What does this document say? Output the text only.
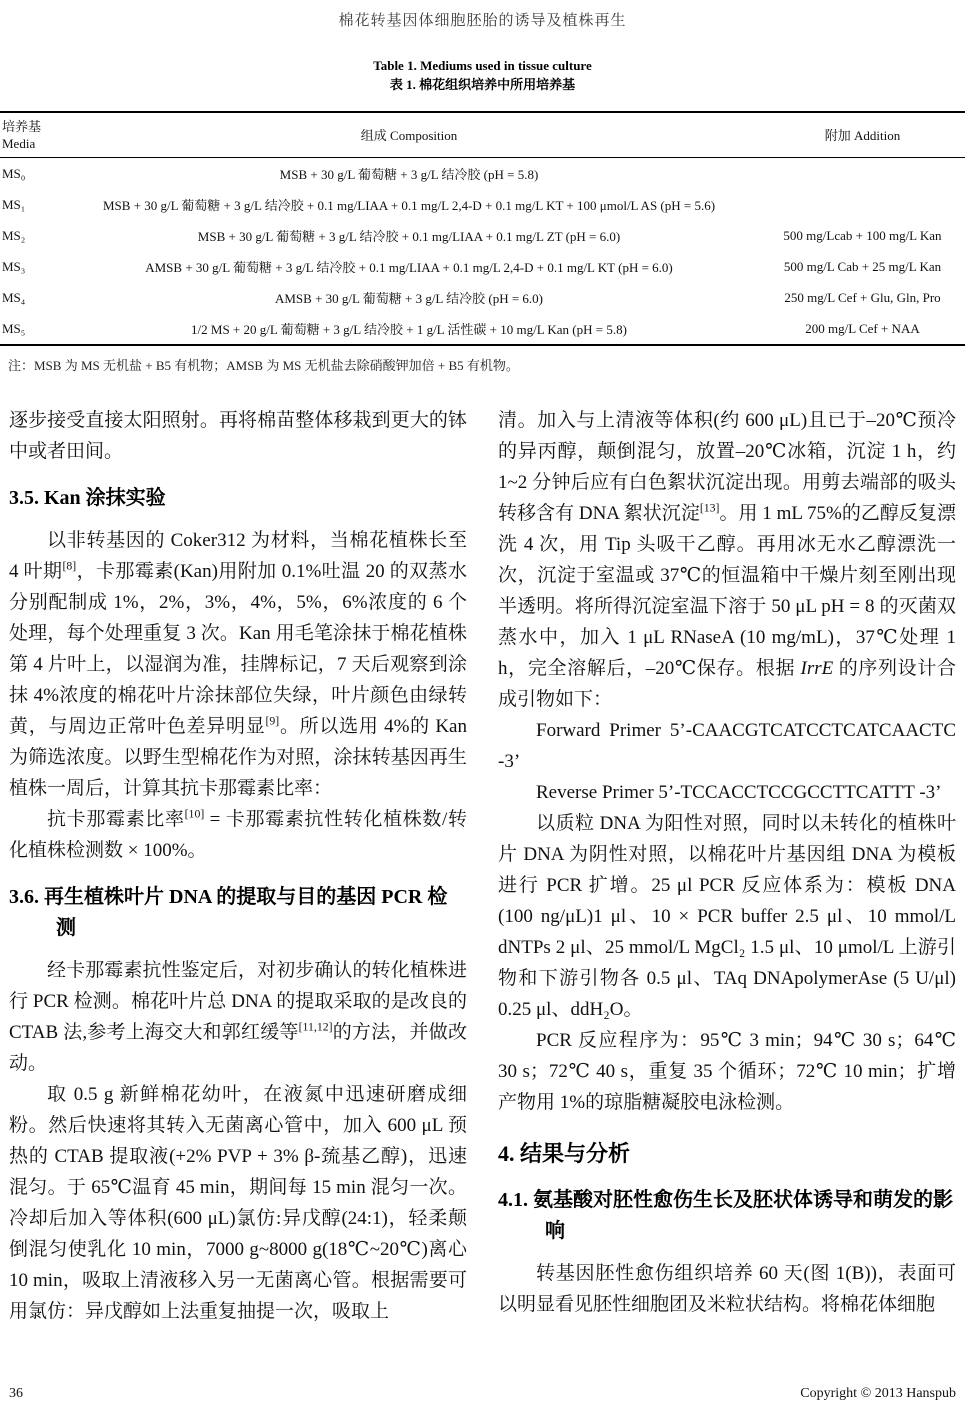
棉花转基因体细胞胚胎的诱导及植株再生
Table 1. Mediums used in tissue culture
表 1. 棉花组织培养中所用培养基
培养基
Media	组成 Composition	附加 Addition
MS₀	MSB + 30 g/L 葡萄糖 + 3 g/L 结冷胶 (pH = 5.8)	
MS₁	MSB + 30 g/L 葡萄糖 + 3 g/L 结冷胶 + 0.1 mg/LIAA + 0.1 mg/L 2,4-D + 0.1 mg/L KT + 100 μmol/L AS (pH = 5.6)	
MS₂	MSB + 30 g/L 葡萄糖 + 3 g/L 结冷胶 + 0.1 mg/LIAA + 0.1 mg/L ZT (pH = 6.0)	500 mg/Lcab + 100 mg/L Kan
MS₃	AMSB + 30 g/L 葡萄糖 + 3 g/L 结冷胶 + 0.1 mg/LIAA + 0.1 mg/L 2,4-D + 0.1 mg/L KT (pH = 6.0)	500 mg/L Cab + 25 mg/L Kan
MS₄	AMSB + 30 g/L 葡萄糖 + 3 g/L 结冷胶 (pH = 6.0)	250 mg/L Cef + Glu, Gln, Pro
MS₅	1/2 MS + 20 g/L 葡萄糖 + 3 g/L 结冷胶 + 1 g/L 活性碳 + 10 mg/L Kan (pH = 5.8)	200 mg/L Cef + NAA
注：MSB 为 MS 无机盐 + B5 有机物；AMSB 为 MS 无机盐去除硝酸钾加倍 + B5 有机物。

逐步接受直接太阳照射。再将棉苗整体移栽到更大的钵中或者田间。

3.5. Kan 涂抹实验

以非转基因的 Coker312 为材料，当棉花植株长至 4 叶期[8]，卡那霉素(Kan)用附加 0.1%吐温 20 的双蒸水分别配制成 1%，2%，3%，4%，5%，6%浓度的 6 个处理，每个处理重复 3 次。Kan 用毛笔涂抹于棉花植株第 4 片叶上，以湿润为准，挂牌标记，7 天后观察到涂抹 4%浓度的棉花叶片涂抹部位失绿，叶片颜色由绿转黄，与周边正常叶色差异明显[9]。所以选用 4%的 Kan 为筛选浓度。以野生型棉花作为对照，涂抹转基因再生植株一周后，计算其抗卡那霉素比率：

抗卡那霉素比率[10] = 卡那霉素抗性转化植株数/转化植株检测数 × 100%。

3.6. 再生植株叶片 DNA 的提取与目的基因 PCR 检测

经卡那霉素抗性鉴定后，对初步确认的转化植株进行 PCR 检测。棉花叶片总 DNA 的提取采取的是改良的 CTAB 法,参考上海交大和郭红缓等[11,12]的方法，并做改动。

取 0.5 g 新鲜棉花幼叶，在液氮中迅速研磨成细粉。然后快速将其转入无菌离心管中，加入 600 μL 预热的 CTAB 提取液(+2% PVP + 3% β-巯基乙醇)，迅速混匀。于 65℃温育 45 min，期间每 15 min 混匀一次。冷却后加入等体积(600 μL)氯仿:异戊醇(24:1)，轻柔颠倒混匀使乳化 10 min，7000 g~8000 g(18℃~20℃)离心 10 min，吸取上清液移入另一无菌离心管。根据需要可用氯仿：异戊醇如上法重复抽提一次，吸取上

清。加入与上清液等体积(约 600 μL)且已于–20℃预冷的异丙醇，颠倒混匀，放置–20℃冰箱，沉淀 1 h，约1~2 分钟后应有白色絮状沉淀出现。用剪去端部的吸头转移含有 DNA 絮状沉淀[13]。用 1 mL 75%的乙醇反复漂洗 4 次，用 Tip 头吸干乙醇。再用冰无水乙醇漂洗一次，沉淀于室温或 37℃的恒温箱中干燥片刻至刚出现半透明。将所得沉淀室温下溶于 50 μL pH = 8 的灭菌双蒸水中，加入 1 μL RNaseA (10 mg/mL)，37℃处理 1 h，完全溶解后，–20℃保存。根据 IrrE 的序列设计合成引物如下：

Forward Primer 5’-CAACGTCATCCTCATCAACTC -3’

Reverse Primer 5’-TCCACCTCCGCCTTCATTT -3’

以质粒 DNA 为阳性对照，同时以未转化的植株叶片 DNA 为阴性对照，以棉花叶片基因组 DNA 为模板进行 PCR 扩增。25 μl PCR 反应体系为：模板 DNA (100 ng/μL)1 μl、10 × PCR buffer 2.5 μl、10 mmol/L dNTPs 2 μl、25 mmol/L MgCl₂ 1.5 μl、10 μmol/L 上游引物和下游引物各 0.5 μl、TAq DNApolymerAse (5 U/μl) 0.25 μl、ddH₂O。

PCR 反应程序为：95℃ 3 min；94℃ 30 s；64℃ 30 s；72℃ 40 s，重复 35 个循环；72℃ 10 min；扩增产物用 1%的琼脂糖凝胶电泳检测。

4. 结果与分析
4.1. 氨基酸对胚性愈伤生长及胚状体诱导和萌发的影响

转基因胚性愈伤组织培养 60 天(图 1(B))，表面可以明显看见胚性细胞团及米粒状结构。将棉花体细胞

36	Copyright © 2013 Hanspub
